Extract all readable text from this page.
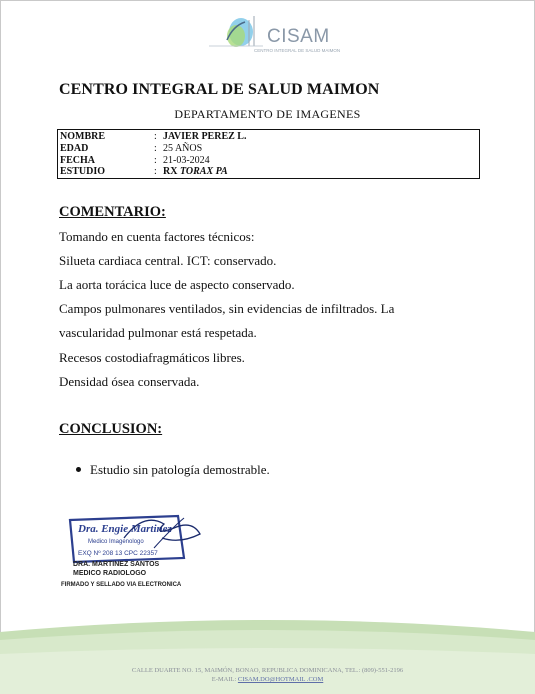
CISAM
CENTRO INTEGRAL DE SALUD MAIMON
CENTRO INTEGRAL DE SALUD MAIMON
DEPARTAMENTO DE IMAGENES
NOMBRE	: JAVIER PEREZ L.
EDAD	: 25 AÑOS
FECHA	: 21-03-2024
ESTUDIO	: RX TORAX PA
COMENTARIO:
Tomando en cuenta factores técnicos:
Silueta cardiaca central. ICT: conservado.
La aorta torácica luce de aspecto conservado.
Campos pulmonares ventilados, sin evidencias de infiltrados. La
vascularidad pulmonar está respetada.
Recesos costodiafragmáticos libres.
Densidad ósea conservada.
CONCLUSION:
Estudio sin patología demostrable.
Dra. Engie Martinez
Medico Imagenologo
EXQ Nº 208 13 CPC 22357
DRA. MARTINEZ SANTOS
MEDICO RADIOLOGO
FIRMADO Y SELLADO VIA ELECTRONICA
CALLE DUARTE NO. 15, MAIMÓN, BONAO, REPUBLICA DOMINICANA, TEL.: (809)-551-2196
E-MAIL: CISAM.DO@HOTMAIL .COM
